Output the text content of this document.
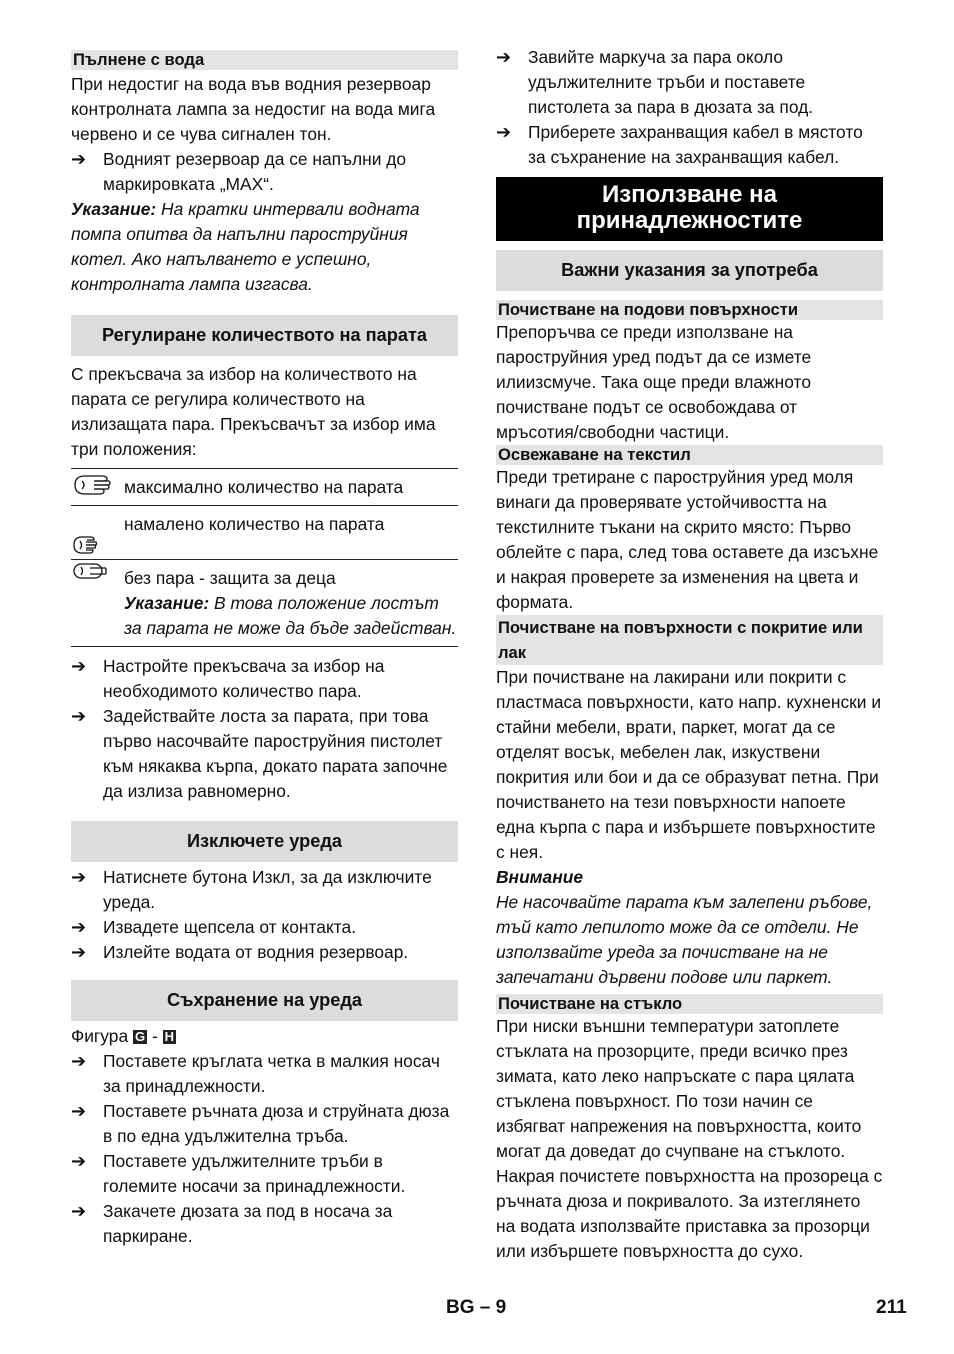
Пълнене с вода

При недостиг на вода във водния резервоар контролната лампа за недостиг на вода мига червено и се чува сигнален тон.

➔ Водният резервоар да се напълни до маркировката „MAX“.

Указание: На кратки интервали водната помпа опитва да напълни пароструйния котел. Ако напълването е успешно, контролната лампа изгасва.

Регулиране количеството на парата

С прекъсвача за избор на количеството на парата се регулира количеството на излизащата пара. Прекъсвачът за избор има три положения:

	максимално количество на парата

	намалено количество на парата

без пара - защита за деца
Указание: В това положение лостът за парата не може да бъде задействан.
➔ Настройте прекъсвача за избор на необходимото количество пара.
➔ Задействайте лоста за парата, при това първо насочвайте пароструйния пистолет към някаква кърпа, докато парата започне да излиза равномерно.
Изключете уреда
➔ Натиснете бутона Изкл, за да изключите уреда.
➔ Извадете щепсела от контакта.
➔ Излейте водата от водния резервоар.
Съхранение на уреда

Фигура G - H

➔ Поставете кръглата четка в малкия носач за принадлежности.
➔ Поставете ръчната дюза и струйната дюза в по една удължителна тръба.
➔ Поставете удължителните тръби в големите носачи за принадлежности.
➔ Закачете дюзата за под в носача за паркиране.
➔ Завийте маркуча за пара около удължителните тръби и поставете пистолета за пара в дюзата за под.
➔ Приберете захранващия кабел в мястото за съхранение на захранващия кабел.
Използване на принадлежностите
Важни указания за употреба
Почистване на подови повърхности

Препоръчва се преди използване на пароструйния уред подът да се измете илиизсмуче. Така още преди влажното почистване подът се освобождава от мръсотия/свободни частици.

Освежаване на текстил

Преди третиране с пароструйния уред моля винаги да проверявате устойчивостта на текстилните тъкани на скрито място: Първо облейте с пара, след това оставете да изсъхне и накрая проверете за изменения на цвета и формата.

Почистване на повърхности с покритие или лак

При почистване на лакирани или покрити с пластмаса повърхности, като напр. кухненски и стайни мебели, врати, паркет, могат да се отделят восък, мебелен лак, изкуствени покрития или бои и да се образуват петна. При почистването на тези повърхности напоете една кърпа с пара и избършете повърхностите с нея.

Внимание

Не насочвайте парата към залепени ръбове, тъй като лепилото може да се отдели. Не използвайте уреда за почистване на не запечатани дървени подове или паркет.

Почистване на стъкло

При ниски външни температури затоплете стъклата на прозорците, преди всичко през зимата, като леко напръскате с пара цялата стъклена повърхност. По този начин се избягват напрежения на повърхността, които могат да доведат до счупване на стъклото. Накрая почистете повърхността на прозореца с ръчната дюза и покривалото. За изтеглянето на водата използвайте приставка за прозорци или избършете повърхността до сухо.

BG – 9	211
